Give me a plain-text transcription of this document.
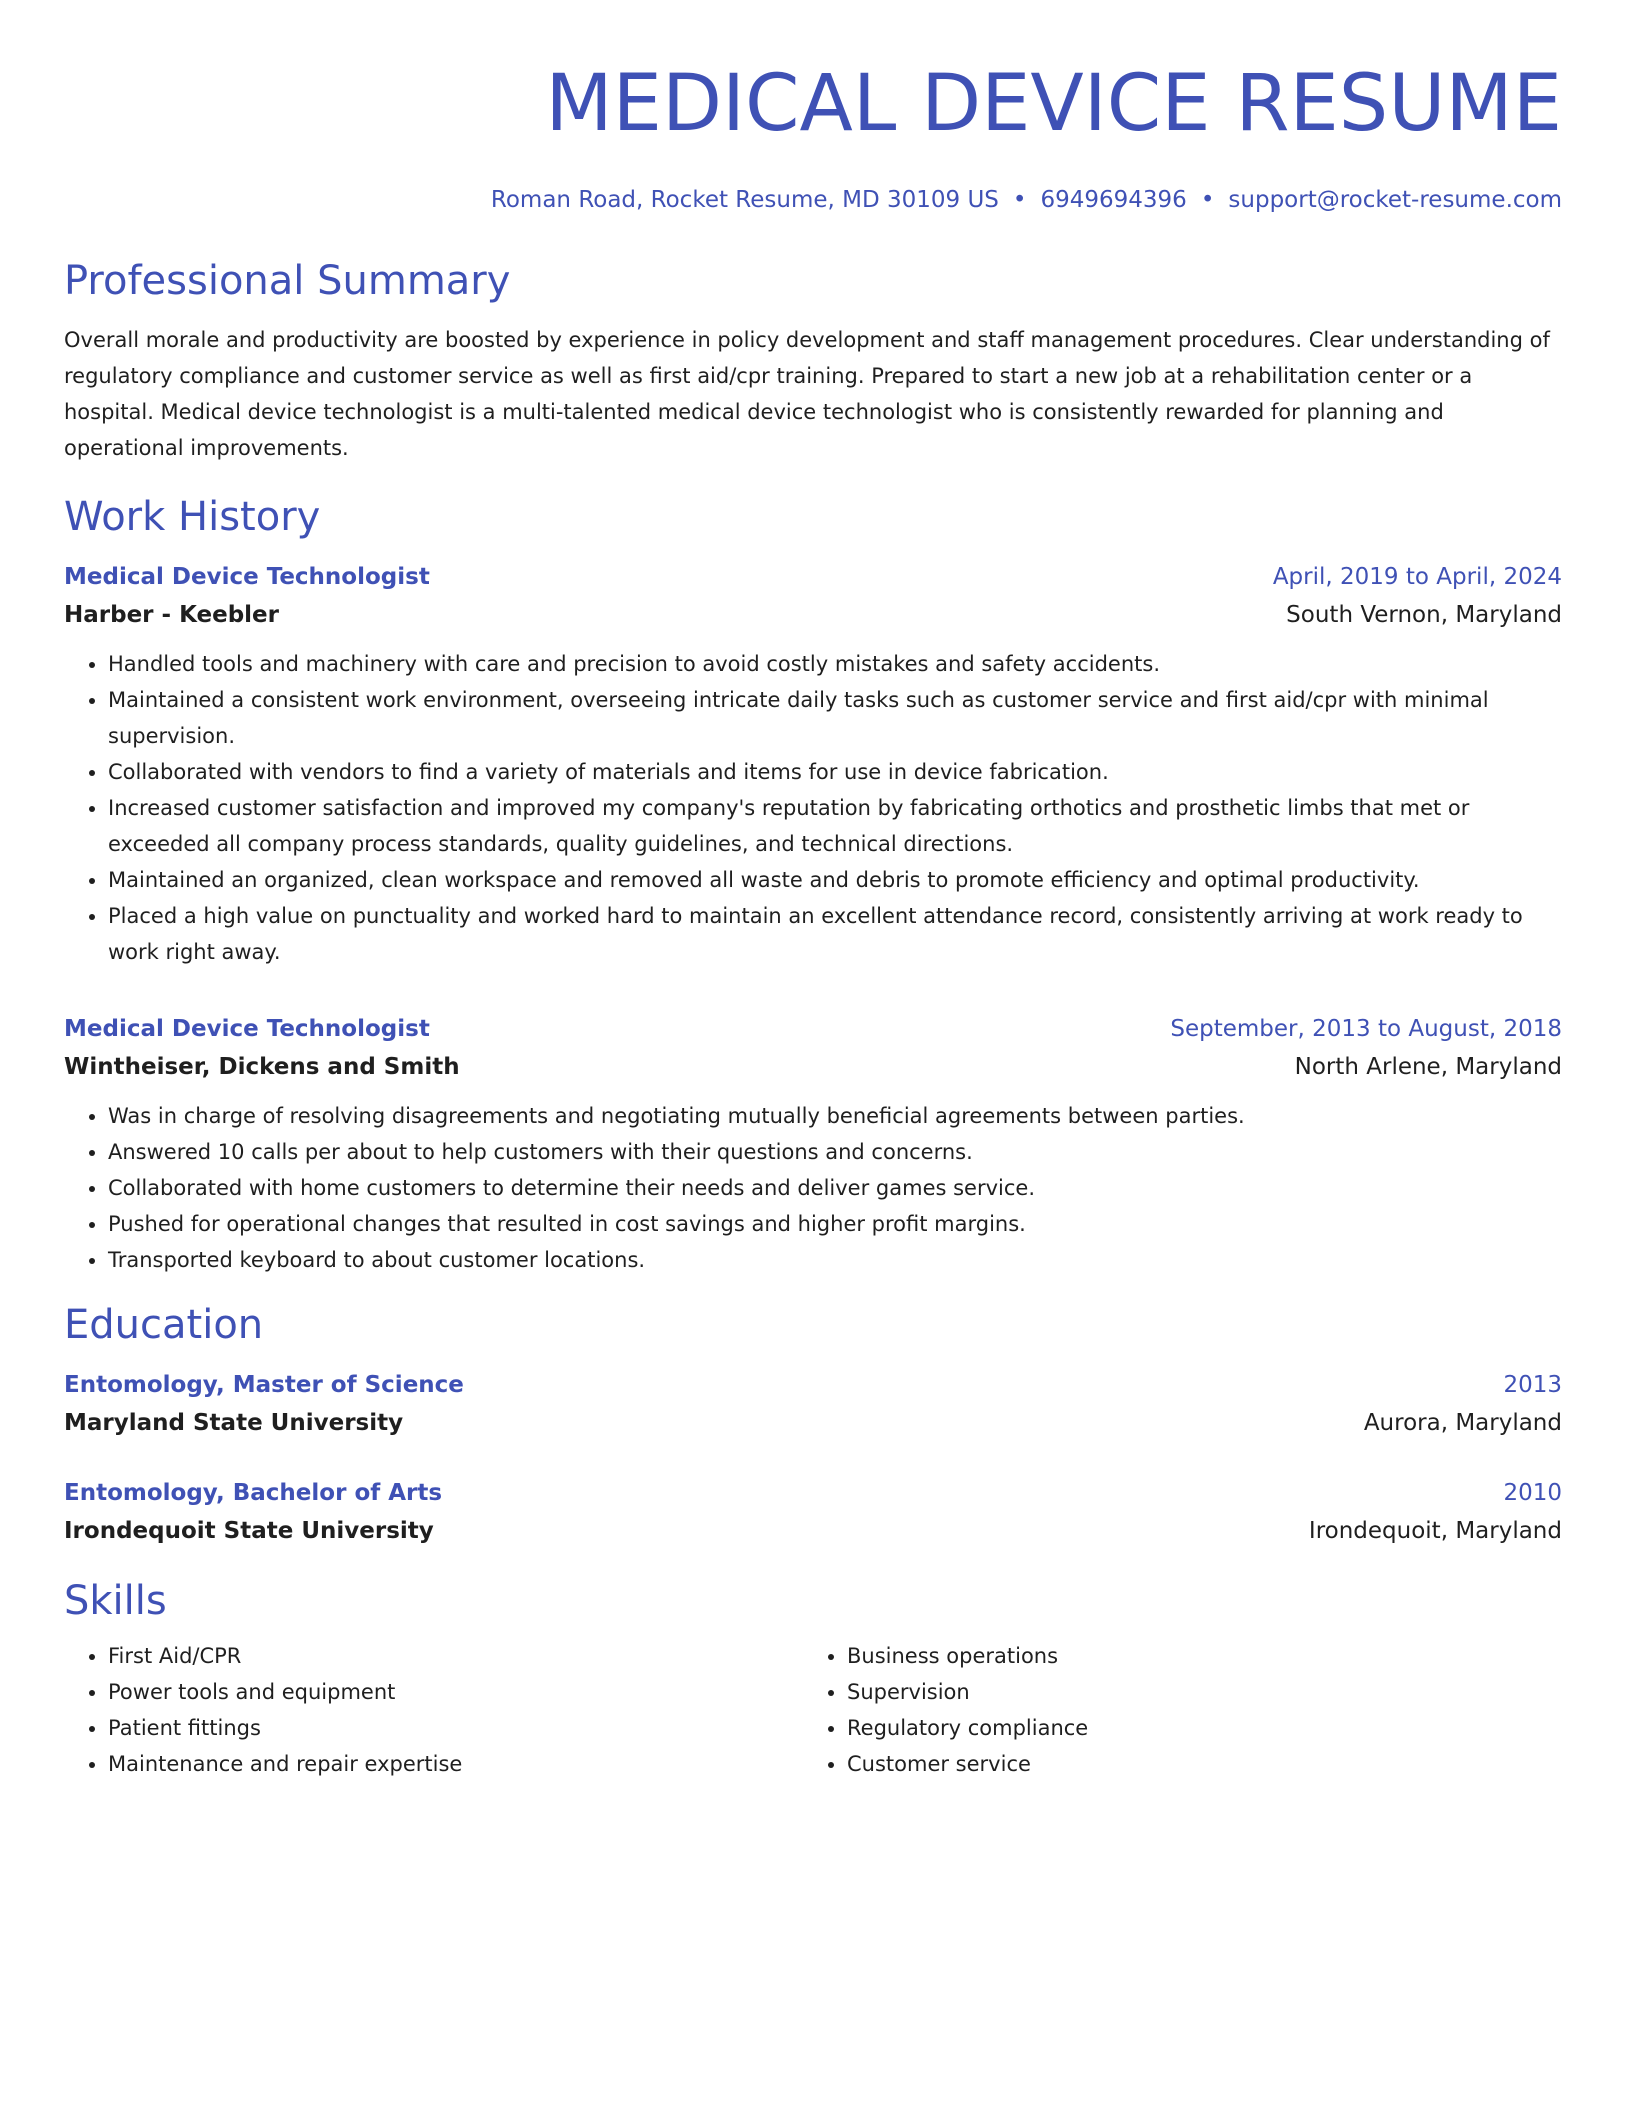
MEDICAL DEVICE RESUME
Roman Road, Rocket Resume, MD 30109 US • 6949694396 • support@rocket-resume.com
Professional Summary
Overall morale and productivity are boosted by experience in policy development and staff management procedures. Clear understanding of regulatory compliance and customer service as well as first aid/cpr training. Prepared to start a new job at a rehabilitation center or a hospital. Medical device technologist is a multi-talented medical device technologist who is consistently rewarded for planning and operational improvements.
Work History
Medical Device Technologist	April, 2019 to April, 2024
Harber - Keebler	South Vernon, Maryland
• Handled tools and machinery with care and precision to avoid costly mistakes and safety accidents.
• Maintained a consistent work environment, overseeing intricate daily tasks such as customer service and first aid/cpr with minimal supervision.
• Collaborated with vendors to find a variety of materials and items for use in device fabrication.
• Increased customer satisfaction and improved my company's reputation by fabricating orthotics and prosthetic limbs that met or exceeded all company process standards, quality guidelines, and technical directions.
• Maintained an organized, clean workspace and removed all waste and debris to promote efficiency and optimal productivity.
• Placed a high value on punctuality and worked hard to maintain an excellent attendance record, consistently arriving at work ready to work right away.
Medical Device Technologist	September, 2013 to August, 2018
Wintheiser, Dickens and Smith	North Arlene, Maryland
• Was in charge of resolving disagreements and negotiating mutually beneficial agreements between parties.
• Answered 10 calls per about to help customers with their questions and concerns.
• Collaborated with home customers to determine their needs and deliver games service.
• Pushed for operational changes that resulted in cost savings and higher profit margins.
• Transported keyboard to about customer locations.
Education
Entomology, Master of Science	2013
Maryland State University	Aurora, Maryland
Entomology, Bachelor of Arts	2010
Irondequoit State University	Irondequoit, Maryland
Skills
• First Aid/CPR
• Power tools and equipment
• Patient fittings
• Maintenance and repair expertise
• Business operations
• Supervision
• Regulatory compliance
• Customer service
